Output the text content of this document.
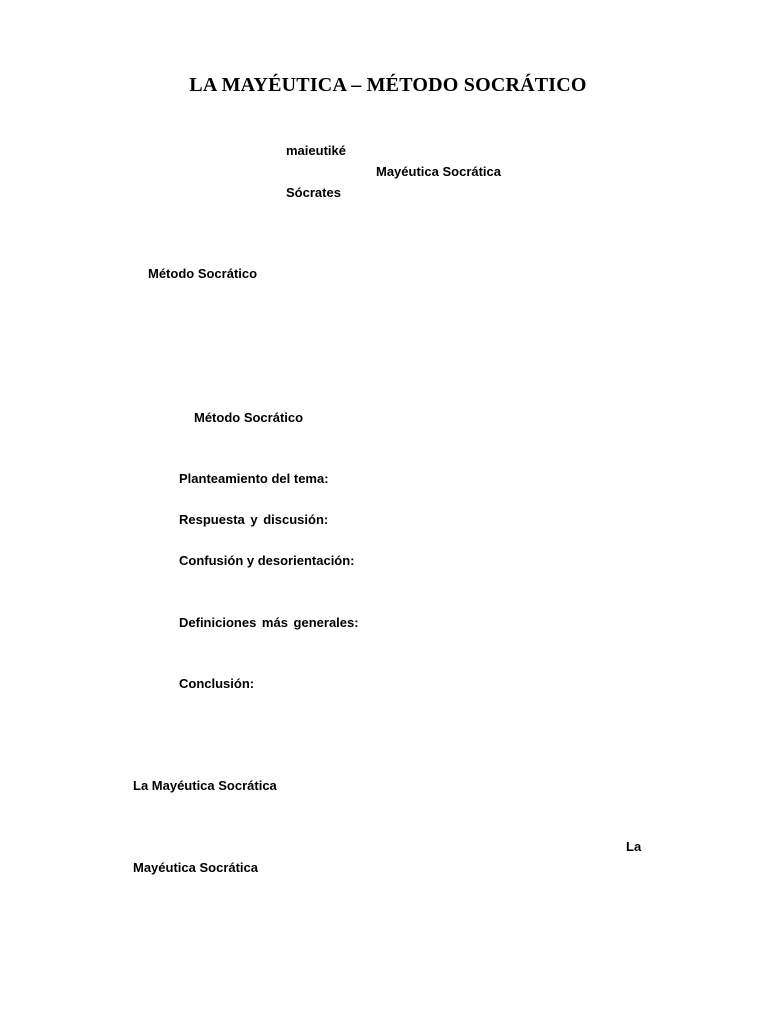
LA MAYÉUTICA – MÉTODO SOCRÁTICO
maieutiké
Mayéutica Socrática
Sócrates
Método Socrático
Método Socrático
Planteamiento del tema:
Respuesta y discusión:
Confusión y desorientación:
Definiciones más generales:
Conclusión:
La Mayéutica Socrática
La
Mayéutica Socrática
